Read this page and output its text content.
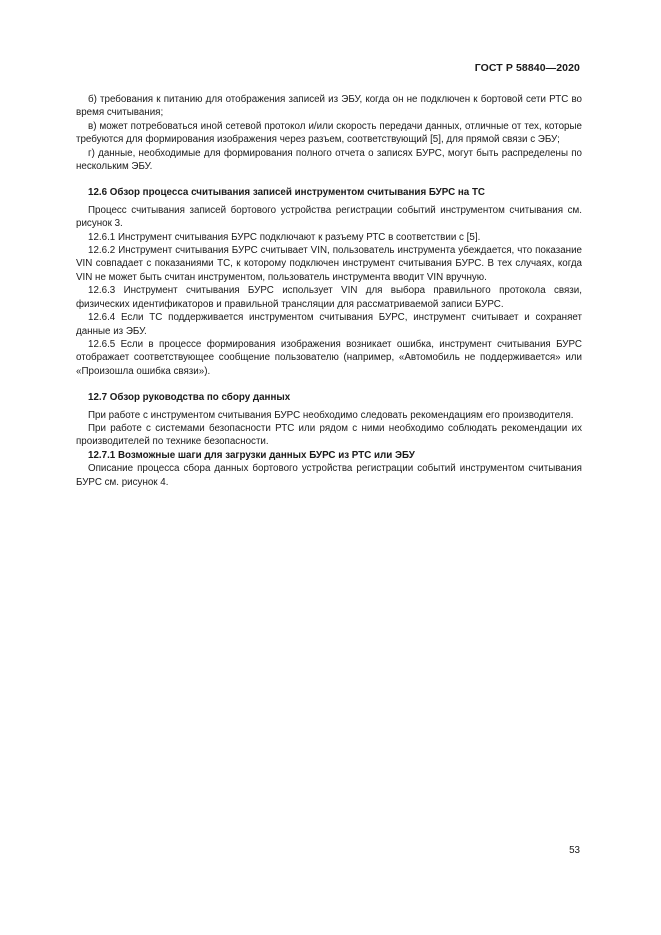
ГОСТ Р 58840—2020

б) требования к питанию для отображения записей из ЭБУ, когда он не подключен к бортовой сети РТС во время считывания;

в) может потребоваться иной сетевой протокол и/или скорость передачи данных, отличные от тех, которые требуются для формирования изображения через разъем, соответствующий [5], для прямой связи с ЭБУ;

г) данные, необходимые для формирования полного отчета о записях БУРС, могут быть распределены по нескольким ЭБУ.

12.6 Обзор процесса считывания записей инструментом считывания БУРС на ТС

Процесс считывания записей бортового устройства регистрации событий инструментом считывания см. рисунок 3.

12.6.1 Инструмент считывания БУРС подключают к разъему РТС в соответствии с [5].

12.6.2 Инструмент считывания БУРС считывает VIN, пользователь инструмента убеждается, что показание VIN совпадает с показаниями ТС, к которому подключен инструмент считывания БУРС. В тех случаях, когда VIN не может быть считан инструментом, пользователь инструмента вводит VIN вручную.

12.6.3 Инструмент считывания БУРС использует VIN для выбора правильного протокола связи, физических идентификаторов и правильной трансляции для рассматриваемой записи БУРС.

12.6.4 Если ТС поддерживается инструментом считывания БУРС, инструмент считывает и сохраняет данные из ЭБУ.

12.6.5 Если в процессе формирования изображения возникает ошибка, инструмент считывания БУРС отображает соответствующее сообщение пользователю (например, «Автомобиль не поддерживается» или «Произошла ошибка связи»).

12.7 Обзор руководства по сбору данных

При работе с инструментом считывания БУРС необходимо следовать рекомендациям его производителя.

При работе с системами безопасности РТС или рядом с ними необходимо соблюдать рекомендации их производителей по технике безопасности.

12.7.1 Возможные шаги для загрузки данных БУРС из РТС или ЭБУ

Описание процесса сбора данных бортового устройства регистрации событий инструментом считывания БУРС см. рисунок 4.

53
